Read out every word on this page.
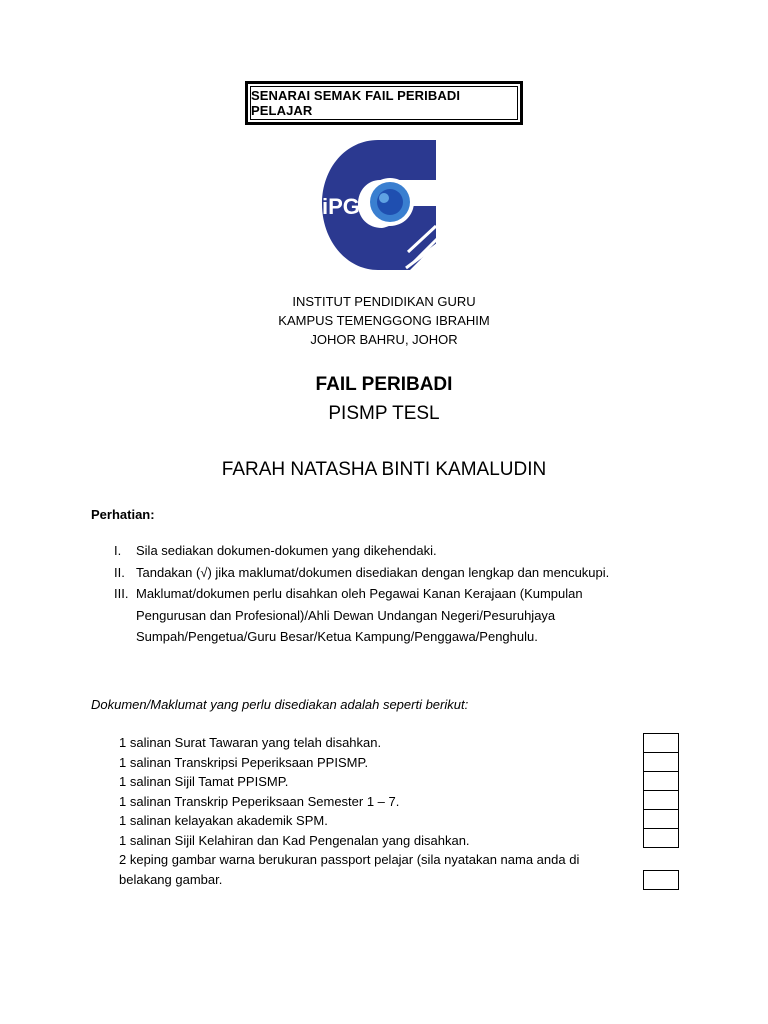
SENARAI SEMAK FAIL PERIBADI PELAJAR
iPG
INSTITUT PENDIDIKAN GURU
KAMPUS TEMENGGONG IBRAHIM
JOHOR BAHRU, JOHOR
FAIL PERIBADI
PISMP TESL
FARAH NATASHA BINTI KAMALUDIN
Perhatian:
I.	Sila sediakan dokumen-dokumen yang dikehendaki.
II. Tandakan (√) jika maklumat/dokumen disediakan dengan lengkap dan mencukupi.
III. Maklumat/dokumen perlu disahkan oleh Pegawai Kanan Kerajaan (Kumpulan
Pengurusan dan Profesional)/Ahli Dewan Undangan Negeri/Pesuruhjaya
Sumpah/Pengetua/Guru Besar/Ketua Kampung/Penggawa/Penghulu.
Dokumen/Maklumat yang perlu disediakan adalah seperti berikut:
1 salinan Surat Tawaran yang telah disahkan.
1 salinan Transkripsi Peperiksaan PPISMP.
1 salinan Sijil Tamat PPISMP.
1 salinan Transkrip Peperiksaan Semester 1 – 7.
1 salinan kelayakan akademik SPM.
1 salinan Sijil Kelahiran dan Kad Pengenalan yang disahkan.
2 keping gambar warna berukuran passport pelajar (sila nyatakan nama anda di
belakang gambar.
